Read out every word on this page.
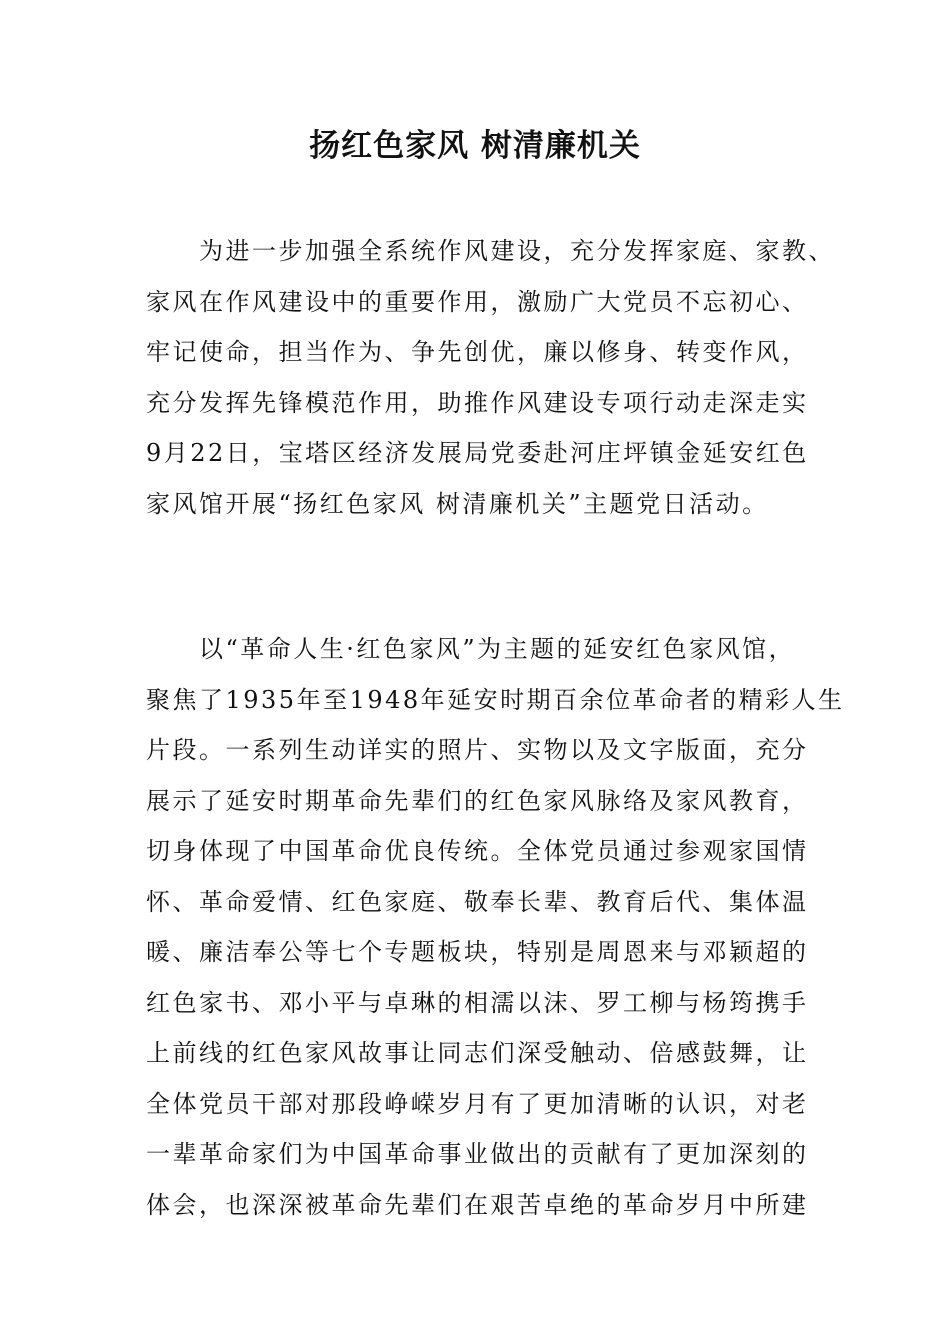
扬红色家风 树清廉机关
　　为进一步加强全系统作风建设，充分发挥家庭、家教、
家风在作风建设中的重要作用，激励广大党员不忘初心、
牢记使命，担当作为、争先创优，廉以修身、转变作风，
充分发挥先锋模范作用，助推作风建设专项行动走深走实
9月22日，宝塔区经济发展局党委赴河庄坪镇金延安红色
家风馆开展“扬红色家风 树清廉机关”主题党日活动。
　　以“革命人生·红色家风”为主题的延安红色家风馆，
聚焦了1935年至1948年延安时期百余位革命者的精彩人生
片段。一系列生动详实的照片、实物以及文字版面，充分
展示了延安时期革命先辈们的红色家风脉络及家风教育，
切身体现了中国革命优良传统。全体党员通过参观家国情
怀、革命爱情、红色家庭、敬奉长辈、教育后代、集体温
暖、廉洁奉公等七个专题板块，特别是周恩来与邓颖超的
红色家书、邓小平与卓琳的相濡以沫、罗工柳与杨筠携手
上前线的红色家风故事让同志们深受触动、倍感鼓舞，让
全体党员干部对那段峥嵘岁月有了更加清晰的认识，对老
一辈革命家们为中国革命事业做出的贡献有了更加深刻的
体会，也深深被革命先辈们在艰苦卓绝的革命岁月中所建
